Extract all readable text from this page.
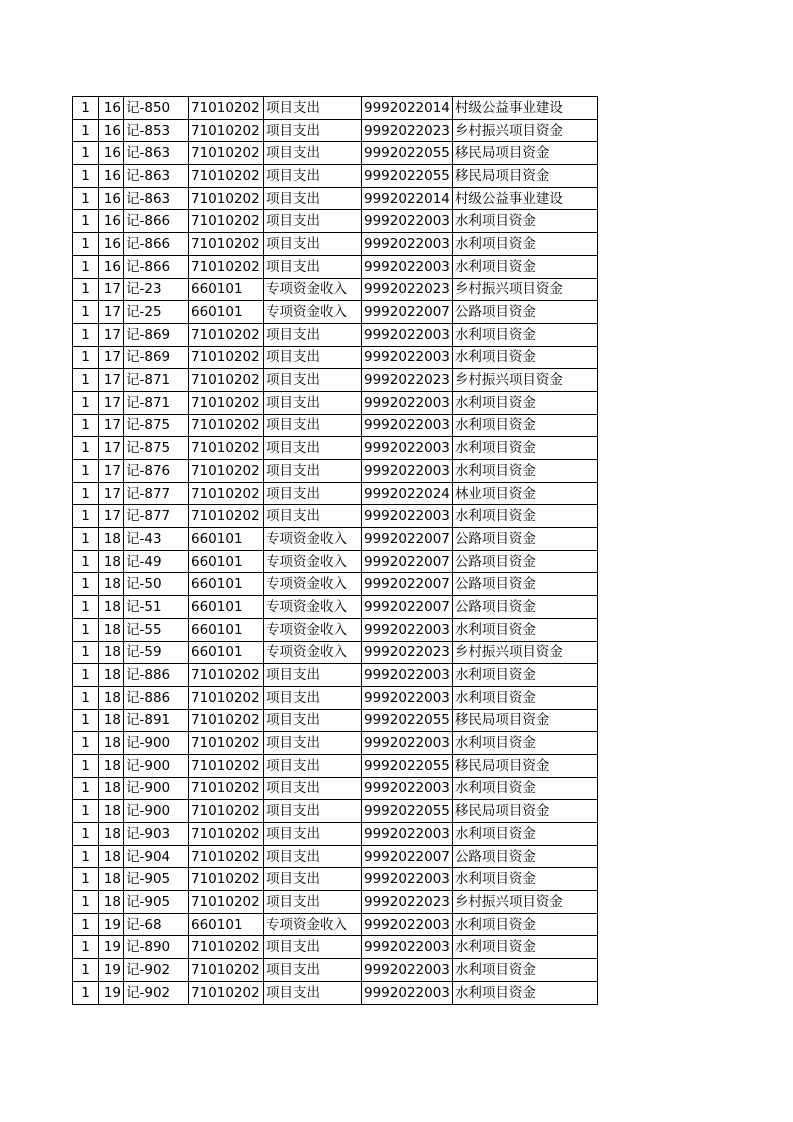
1	16	记-850	71010202	项目支出	9992022014	村级公益事业建设
1	16	记-853	71010202	项目支出	9992022023	乡村振兴项目资金
1	16	记-863	71010202	项目支出	9992022055	移民局项目资金
1	16	记-863	71010202	项目支出	9992022055	移民局项目资金
1	16	记-863	71010202	项目支出	9992022014	村级公益事业建设
1	16	记-866	71010202	项目支出	9992022003	水利项目资金
1	16	记-866	71010202	项目支出	9992022003	水利项目资金
1	16	记-866	71010202	项目支出	9992022003	水利项目资金
1	17	记-23	660101	专项资金收入	9992022023	乡村振兴项目资金
1	17	记-25	660101	专项资金收入	9992022007	公路项目资金
1	17	记-869	71010202	项目支出	9992022003	水利项目资金
1	17	记-869	71010202	项目支出	9992022003	水利项目资金
1	17	记-871	71010202	项目支出	9992022023	乡村振兴项目资金
1	17	记-871	71010202	项目支出	9992022003	水利项目资金
1	17	记-875	71010202	项目支出	9992022003	水利项目资金
1	17	记-875	71010202	项目支出	9992022003	水利项目资金
1	17	记-876	71010202	项目支出	9992022003	水利项目资金
1	17	记-877	71010202	项目支出	9992022024	林业项目资金
1	17	记-877	71010202	项目支出	9992022003	水利项目资金
1	18	记-43	660101	专项资金收入	9992022007	公路项目资金
1	18	记-49	660101	专项资金收入	9992022007	公路项目资金
1	18	记-50	660101	专项资金收入	9992022007	公路项目资金
1	18	记-51	660101	专项资金收入	9992022007	公路项目资金
1	18	记-55	660101	专项资金收入	9992022003	水利项目资金
1	18	记-59	660101	专项资金收入	9992022023	乡村振兴项目资金
1	18	记-886	71010202	项目支出	9992022003	水利项目资金
1	18	记-886	71010202	项目支出	9992022003	水利项目资金
1	18	记-891	71010202	项目支出	9992022055	移民局项目资金
1	18	记-900	71010202	项目支出	9992022003	水利项目资金
1	18	记-900	71010202	项目支出	9992022055	移民局项目资金
1	18	记-900	71010202	项目支出	9992022003	水利项目资金
1	18	记-900	71010202	项目支出	9992022055	移民局项目资金
1	18	记-903	71010202	项目支出	9992022003	水利项目资金
1	18	记-904	71010202	项目支出	9992022007	公路项目资金
1	18	记-905	71010202	项目支出	9992022003	水利项目资金
1	18	记-905	71010202	项目支出	9992022023	乡村振兴项目资金
1	19	记-68	660101	专项资金收入	9992022003	水利项目资金
1	19	记-890	71010202	项目支出	9992022003	水利项目资金
1	19	记-902	71010202	项目支出	9992022003	水利项目资金
1	19	记-902	71010202	项目支出	9992022003	水利项目资金
